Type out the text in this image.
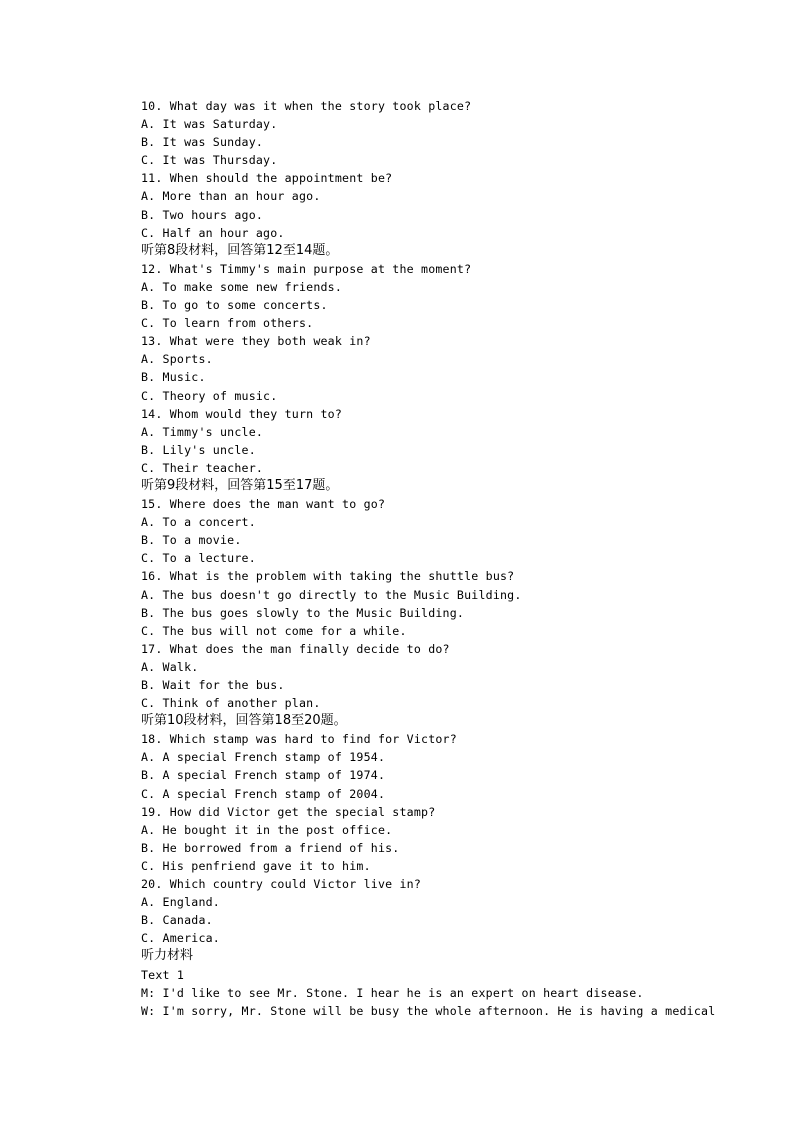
10. What day was it when the story took place?
A. It was Saturday.
B. It was Sunday.
C. It was Thursday.
11. When should the appointment be?
A. More than an hour ago.
B. Two hours ago.
C. Half an hour ago.
听第8段材料，回答第12至14题。
12. What's Timmy's main purpose at the moment?
A. To make some new friends.
B. To go to some concerts.
C. To learn from others.
13. What were they both weak in?
A. Sports.
B. Music.
C. Theory of music.
14. Whom would they turn to?
A. Timmy's uncle.
B. Lily's uncle.
C. Their teacher.
听第9段材料，回答第15至17题。
15. Where does the man want to go?
A. To a concert.
B. To a movie.
C. To a lecture.
16. What is the problem with taking the shuttle bus?
A. The bus doesn't go directly to the Music Building.
B. The bus goes slowly to the Music Building.
C. The bus will not come for a while.
17. What does the man finally decide to do?
A. Walk.
B. Wait for the bus.
C. Think of another plan.
听第10段材料，回答第18至20题。
18. Which stamp was hard to find for Victor?
A. A special French stamp of 1954.
B. A special French stamp of 1974.
C. A special French stamp of 2004.
19. How did Victor get the special stamp?
A. He bought it in the post office.
B. He borrowed from a friend of his.
C. His penfriend gave it to him.
20. Which country could Victor live in?
A. England.
B. Canada.
C. America.
听力材料
Text 1
M: I'd like to see Mr. Stone. I hear he is an expert on heart disease.
W: I'm sorry, Mr. Stone will be busy the whole afternoon. He is having a medical
